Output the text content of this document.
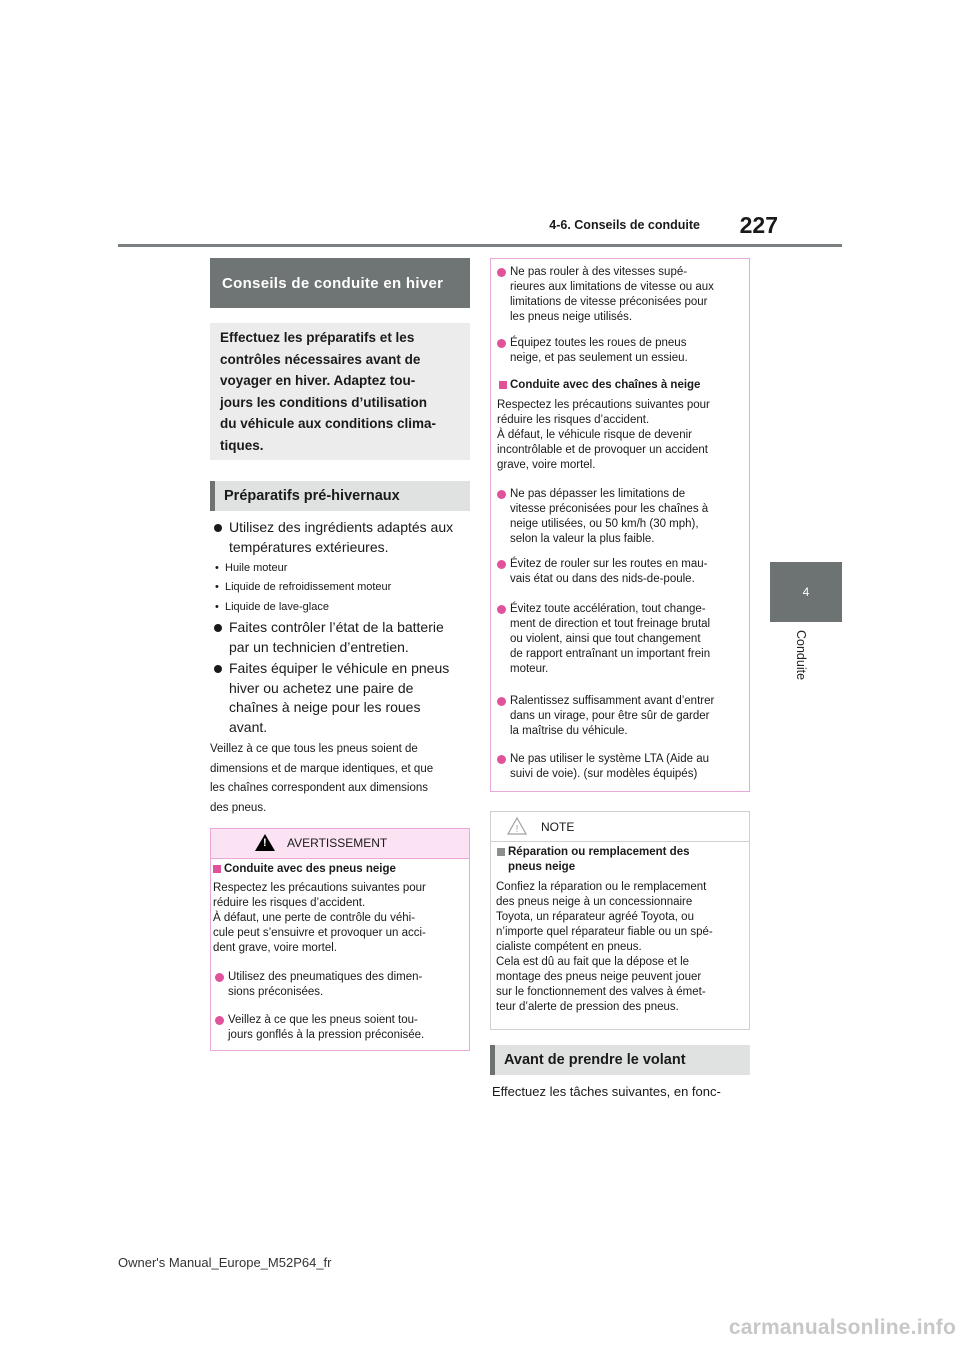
4-6. Conseils de conduite	227
4
Conduite
Conseils de conduite en hiver
Effectuez les préparatifs et les
contrôles nécessaires avant de
voyager en hiver. Adaptez tou-
jours les conditions d’utilisation
du véhicule aux conditions clima-
tiques.
Préparatifs pré-hivernaux
Utilisez des ingrédients adaptés aux
températures extérieures.
• Huile moteur
• Liquide de refroidissement moteur
• Liquide de lave-glace
Faites contrôler l’état de la batterie
par un technicien d’entretien.
Faites équiper le véhicule en pneus
hiver ou achetez une paire de
chaînes à neige pour les roues
avant.
Veillez à ce que tous les pneus soient de
dimensions et de marque identiques, et que
les chaînes correspondent aux dimensions
des pneus.
!
AVERTISSEMENT
Conduite avec des pneus neige
Respectez les précautions suivantes pour
réduire les risques d’accident.
À défaut, une perte de contrôle du véhi-
cule peut s’ensuivre et provoquer un acci-
dent grave, voire mortel.
Utilisez des pneumatiques des dimen-
sions préconisées.
Veillez à ce que les pneus soient tou-
jours gonflés à la pression préconisée.
Ne pas rouler à des vitesses supé-
rieures aux limitations de vitesse ou aux
limitations de vitesse préconisées pour
les pneus neige utilisés.
Équipez toutes les roues de pneus
neige, et pas seulement un essieu.
Conduite avec des chaînes à neige
Respectez les précautions suivantes pour
réduire les risques d’accident.
À défaut, le véhicule risque de devenir
incontrôlable et de provoquer un accident
grave, voire mortel.
Ne pas dépasser les limitations de
vitesse préconisées pour les chaînes à
neige utilisées, ou 50 km/h (30 mph),
selon la valeur la plus faible.
Évitez de rouler sur les routes en mau-
vais état ou dans des nids-de-poule.
Évitez toute accélération, tout change-
ment de direction et tout freinage brutal
ou violent, ainsi que tout changement
de rapport entraînant un important frein
moteur.
Ralentissez suffisamment avant d’entrer
dans un virage, pour être sûr de garder
la maîtrise du véhicule.
Ne pas utiliser le système LTA (Aide au
suivi de voie). (sur modèles équipés)
! NOTE
Réparation ou remplacement des
pneus neige
Confiez la réparation ou le remplacement
des pneus neige à un concessionnaire
Toyota, un réparateur agréé Toyota, ou
n’importe quel réparateur fiable ou un spé-
cialiste compétent en pneus.
Cela est dû au fait que la dépose et le
montage des pneus neige peuvent jouer
sur le fonctionnement des valves à émet-
teur d’alerte de pression des pneus.
Avant de prendre le volant
Effectuez les tâches suivantes, en fonc-
Owner's Manual_Europe_M52P64_fr
carmanualsonline.info
